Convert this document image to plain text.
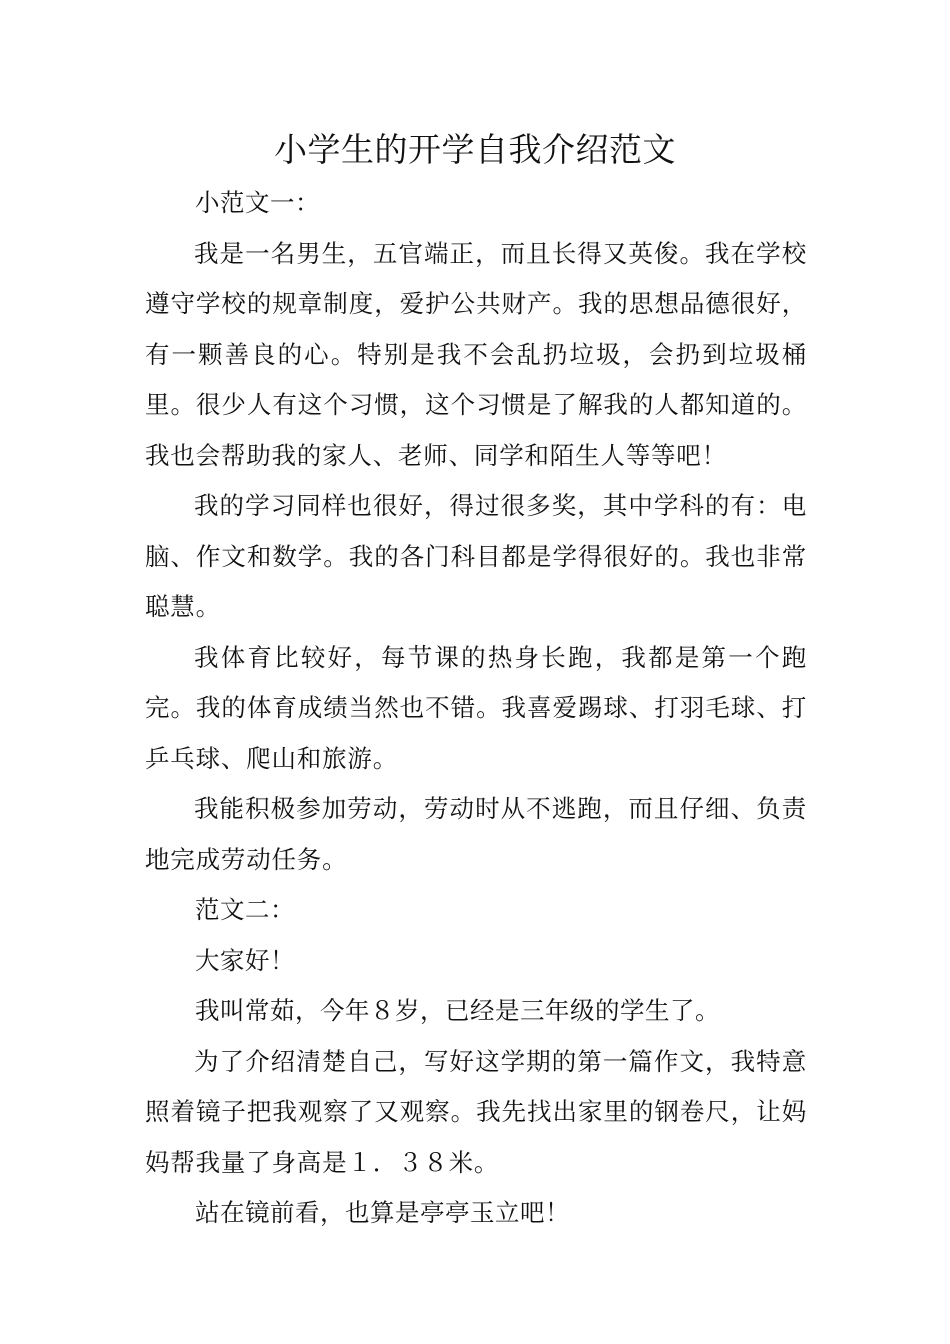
小学生的开学自我介绍范文

小范文一：

我是一名男生，五官端正，而且长得又英俊。我在学校遵守学校的规章制度，爱护公共财产。我的思想品德很好，有一颗善良的心。特别是我不会乱扔垃圾，会扔到垃圾桶里。很少人有这个习惯，这个习惯是了解我的人都知道的。我也会帮助我的家人、老师、同学和陌生人等等吧！

我的学习同样也很好，得过很多奖，其中学科的有：电脑、作文和数学。我的各门科目都是学得很好的。我也非常聪慧。

我体育比较好，每节课的热身长跑，我都是第一个跑完。我的体育成绩当然也不错。我喜爱踢球、打羽毛球、打乒乓球、爬山和旅游。

我能积极参加劳动，劳动时从不逃跑，而且仔细、负责地完成劳动任务。

范文二：

大家好！

我叫常茹，今年８岁，已经是三年级的学生了。

为了介绍清楚自己，写好这学期的第一篇作文，我特意照着镜子把我观察了又观察。我先找出家里的钢卷尺，让妈妈帮我量了身高是１．３８米。

站在镜前看，也算是亭亭玉立吧！
